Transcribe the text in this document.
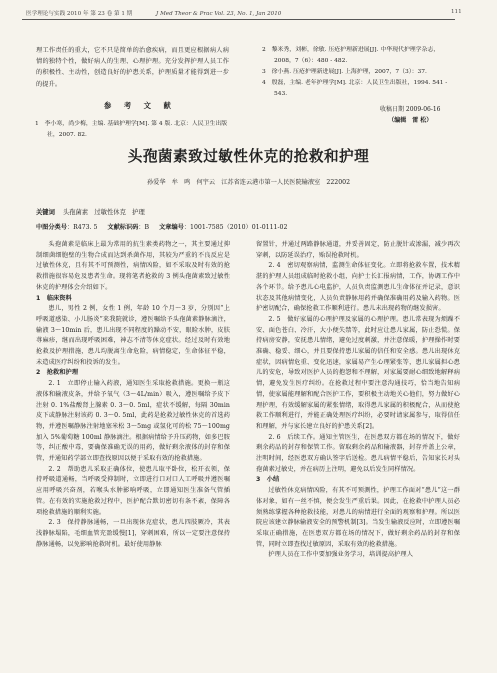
医学理论与实践 2010 年 第 23 卷 第 1 期	J Med Theor & Prac Vol. 23, No. 1, Jan 2010	111

理工作责任的重大，它不只是简单的治愈疾病，而且更应根据病人病情的独特个性，做好病人的生理、心理护理。充分发挥护理人员工作的积极性、主动性，创造良好的护患关系，护理质量才能得到进一步的提升。

参 考 文 献
1　李小寒，尚少梅，主编. 基础护理学[M]. 第 4 版. 北京：人民卫生出版社，2007. 82.
2　黎米秀，刘彬，徐敏. 压疮护理新进展[J]. 中华现代护理学杂志，2008，7（6）：480 - 482.
3　徐小燕. 压疮护理新进展[J]. 上海护理，2007，7（3）：37.
4　殷磊，主编. 老年护理学[M]. 北京：人民卫生出版社，1994. 541 - 543.
收稿日期 2009-06-16
（编辑　雷 松）
头孢菌素致过敏性休克的抢救和护理
孙爱华　牟　鸣　何宇云　江苏省连云港市第一人民医院输液室　222002
关键词 头孢菌素　过敏性休克　护理
中图分类号：R473. 5 文献标识码：B 文章编号：1001-7585（2010）01-0111-02

头孢菌素是临床上最为常用的抗生素类药物之一，其主要通过抑制细菌细胞壁的生物合成而达到杀菌作用，其较为严重的不良反应是过敏性休克，且有其不可预测性，病情凶险，如不采取及时有效的抢救措施很容易危及患者生命。现将笔者抢救的 3 例头孢菌素致过敏性休克的护理体会介绍如下。

1　临床资料

患儿，男性 2 例，女性 1 例，年龄 10 个月～3 岁，分别因“上呼吸道感染、小儿肠炎”来我院就诊，遵医嘱给予头孢菌素静脉滴注，输液 3～10min 后，患儿出现不同程度的躁动不安，眼睑水肿，皮肤荨麻疹，继而出现呼吸困难，神志不清等休克症状。经过及时有效地抢救及护理措施，患儿均脱离生命危险，病情稳定，生命体征平稳，未造成医疗纠纷和投诉的发生。

2　抢救和护理

2. 1　立即停止输入药液，通知医生采取抢救措施。更换一瓶这液体和输液皮条，并给予氧气（3～4L/min）吸入，遵医嘱给予皮下注射 0. 1%盐酸肾上腺素 0. 3～0. 5ml，症状不缓解，每隔 30min 皮下或静脉注射该药 0. 3～0. 5ml，此药是抢救过敏性休克的首选药物，并遵医嘱静脉注射地塞米松 3～5mg 或氢化可的松 75～100mg 加入 5%葡萄糖 100ml 静脉滴注。根据病情给予升压药物，如多巴胺等，纠正酸中毒，要确保准确无误的用药，做好剩余液体的封存和保管，并通知药学部立即查找原因以便于采取有效的抢救措施。

2. 2　帮助患儿采取正确体位，使患儿取平卧位，松开衣领，保持呼吸道通畅，当呼吸受抑制时，立即进行口对口人工呼吸并遵医嘱应用呼吸兴奋剂，若喉头水肿影响呼吸，立即通知医生准备气管插管。在有效的实施抢救过程中，医护配合默切密切有条不紊，保障各项抢救措施的顺利实施。

2. 3　保持静脉通畅，一旦出现休克症状，患儿四肢厥冷，其表浅静脉塌陷，毛细血管充盈缓慢[1]，穿刺困难，所以一定要注意保持静脉通畅，以免影响抢救时机。最好使用静脉

留置针，并通过两路静脉通道，并妥善固定，防止脱针或渗漏，减少再次穿刺，以防延误治疗，贻误抢救时机。

2. 4　密切观察病情，监测生命体征变化。立即将抢救车置，技术精湛的护理人员组成临时抢救小组，向护士长汇报病情，工作，协调工作中各个环节。给予患儿心电监护，人员负责监测患儿生命体征并记录，意识状态及其他病情变化，人员负责静脉用药并确保准确用药及输入药物。医护密切配合，确保抢救工作顺利进行。患儿未出现药物的继发损害。

2. 5　做好家属的心理护理及家属的心理护理。患儿常表现为烦躁不安、面色苍白、冷汗，大小便失禁等，此时应让患儿家属，防止恐慌。保持病房安静，安抚患儿情绪，避免过度刺激，并注意保暖，护理操作时要准确、稳妥、细心，并且要保持患儿家属的信任和安全感。患儿出现休克症状，因病情危重、变化迅速，家属易产生心理紧张等，患儿家属担心患儿的安危，导致对医护人员的抱怨和不理解，对家属要耐心细致地解释病情，避免发生医疗纠纷。在抢救过程中要注意沟通技巧，恰当地告知病情，使家属能理解和配合医护工作，要积极主动地关心他们，努力做好心理护理，有效缓解家属的紧张情绪，取得患儿家属的积极配合，从而使抢救工作顺利进行，并能正确处理医疗纠纷，必要时请家属参与，取得信任和理解，并与家长建立良好的护患关系[2]。

2. 6　后续工作。通知主管医生，在医患双方都在场的情况下，做好剩余药品的封存和保管工作。留取剩余药品和输液器，封存并盖上公章，注明时间，经医患双方确认签字后送检。患儿病情平稳后，告知家长对头孢菌素过敏史，并在病历上注明，避免以后发生同样情况。

3　小结

过敏性休克病情凶险，有其不可预测性，护理工作面对“患儿”这一群体对象，如有一丝不慎，便会发生严重后果。因此，在抢救中护理人员必须熟练掌握各种抢救技能，对患儿的病情进行全面的观察和护理。所以医院应该建立静脉输液安全的预警机制[3]。当发生输液反应时，立即遵医嘱采取正确措施，在医患双方都在场的情况下，做好剩余药品的封存和保管，同时立即查找过敏原因，采取有效的抢救措施。

护理人员在工作中要加强业务学习，培训提高护理人
